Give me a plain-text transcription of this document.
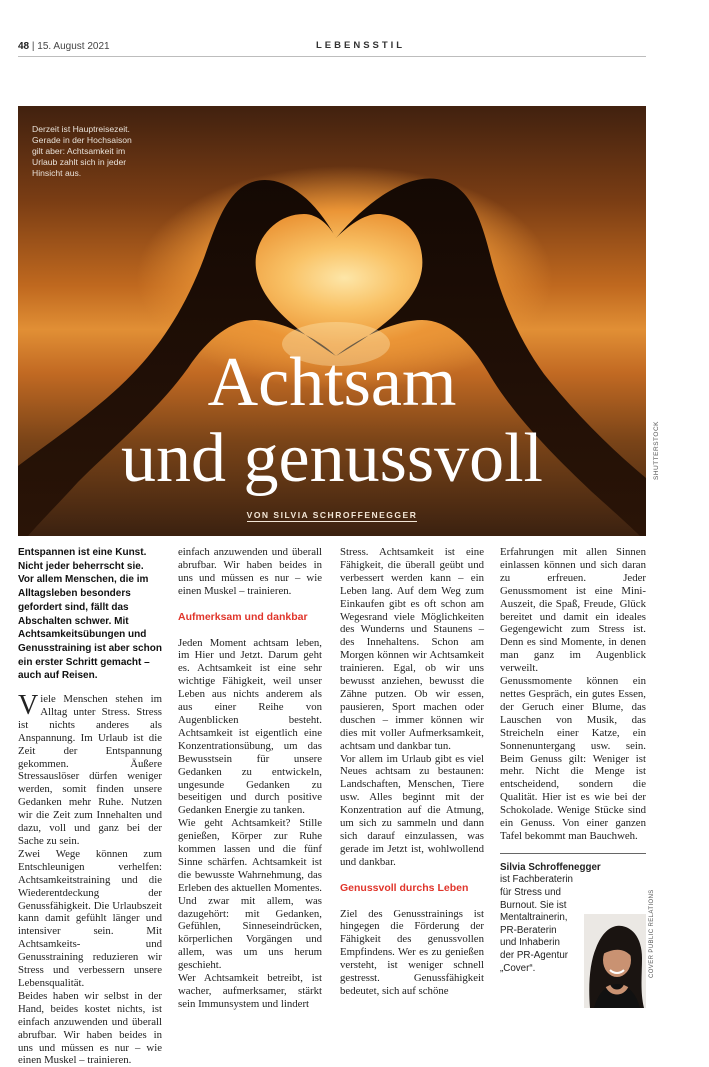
48 | 15. August 2021	LEBENSSTIL
Derzeit ist Hauptreisezeit. Gerade in der Hochsaison gilt aber: Achtsamkeit im Urlaub zahlt sich in jeder Hinsicht aus.
Achtsam
und genussvoll
VON SILVIA SCHROFFENEGGER
SHUTTERSTOCK

Entspannen ist eine Kunst. Nicht jeder beherrscht sie. Vor allem Menschen, die im Alltagsleben besonders gefordert sind, fällt das Abschalten schwer. Mit Achtsamkeitsübungen und Genusstraining ist aber schon ein erster Schritt gemacht – auch auf Reisen.

Viele Menschen stehen im Alltag unter Stress. Stress ist nichts anderes als Anspannung. Im Urlaub ist die Zeit der Entspannung gekommen. Äußere Stressauslöser dürfen weniger werden, somit finden unsere Gedanken mehr Ruhe. Nutzen wir die Zeit zum Innehalten und dazu, voll und ganz bei der Sache zu sein.

Zwei Wege können zum Entschleunigen verhelfen: Achtsamkeitstraining und die Wiederentdeckung der Genussfähigkeit. Die Urlaubszeit kann damit gefühlt länger und intensiver sein. Mit Achtsamkeits- und Genusstraining reduzieren wir Stress und verbessern unsere Lebensqualität.

Beides haben wir selbst in der Hand, beides kostet nichts, ist einfach anzuwenden und überall abrufbar. Wir haben beides in uns und müssen es nur – wie einen Muskel – trainieren.

einfach anzuwenden und überall abrufbar. Wir haben beides in uns und müssen es nur – wie einen Muskel – trainieren.

Aufmerksam und dankbar

Jeden Moment achtsam leben, im Hier und Jetzt. Darum geht es. Achtsamkeit ist eine sehr wichtige Fähigkeit, weil unser Leben aus nichts anderem als aus einer Reihe von Augenblicken besteht. Achtsamkeit ist eigentlich eine Konzentrationsübung, um das Bewusstsein für unsere Gedanken zu entwickeln, ungesunde Gedanken zu beseitigen und durch positive Gedanken Energie zu tanken.

Wie geht Achtsamkeit? Stille genießen, Körper zur Ruhe kommen lassen und die fünf Sinne schärfen. Achtsamkeit ist die bewusste Wahrnehmung, das Erleben des aktuellen Momentes. Und zwar mit allem, was dazugehört: mit Gedanken, Gefühlen, Sinneseindrücken, körperlichen Vorgängen und allem, was um uns herum geschieht.

Wer Achtsamkeit betreibt, ist wacher, aufmerksamer, stärkt sein Immunsystem und lindert

Stress. Achtsamkeit ist eine Fähigkeit, die überall geübt und verbessert werden kann – ein Leben lang. Auf dem Weg zum Einkaufen gibt es oft schon am Wegesrand viele Möglichkeiten des Wunderns und Staunens – des Innehaltens. Schon am Morgen können wir Achtsamkeit trainieren. Egal, ob wir uns bewusst anziehen, bewusst die Zähne putzen. Ob wir essen, pausieren, Sport machen oder duschen – immer können wir dies mit voller Aufmerksamkeit, achtsam und dankbar tun.

Vor allem im Urlaub gibt es viel Neues achtsam zu bestaunen: Landschaften, Menschen, Tiere usw. Alles beginnt mit der Konzentration auf die Atmung, um sich zu sammeln und dann sich darauf einzulassen, was gerade im Jetzt ist, wohlwollend und dankbar.

Genussvoll durchs Leben

Ziel des Genusstrainings ist hingegen die Förderung der Fähigkeit des genussvollen Empfindens. Wer es zu genießen versteht, ist weniger schnell gestresst. Genussfähigkeit bedeutet, sich auf schöne

Erfahrungen mit allen Sinnen einlassen können und sich daran zu erfreuen. Jeder Genussmoment ist eine Mini-Auszeit, die Spaß, Freude, Glück bereitet und damit ein ideales Gegengewicht zum Stress ist. Denn es sind Momente, in denen man ganz im Augenblick verweilt.

Genussmomente können ein nettes Gespräch, ein gutes Essen, der Geruch einer Blume, das Lauschen von Musik, das Streicheln einer Katze, ein Sonnenuntergang usw. sein. Beim Genuss gilt: Weniger ist mehr. Nicht die Menge ist entscheidend, sondern die Qualität. Hier ist es wie bei der Schokolade. Wenige Stücke sind ein Genuss. Von einer ganzen Tafel bekommt man Bauchweh.

Silvia Schroffenegger
ist Fachberaterin für Stress und Burnout. Sie ist Mentaltrainerin, PR-Beraterin und Inhaberin der PR-Agentur „Cover“.	COVER PUBLIC RELATIONS
